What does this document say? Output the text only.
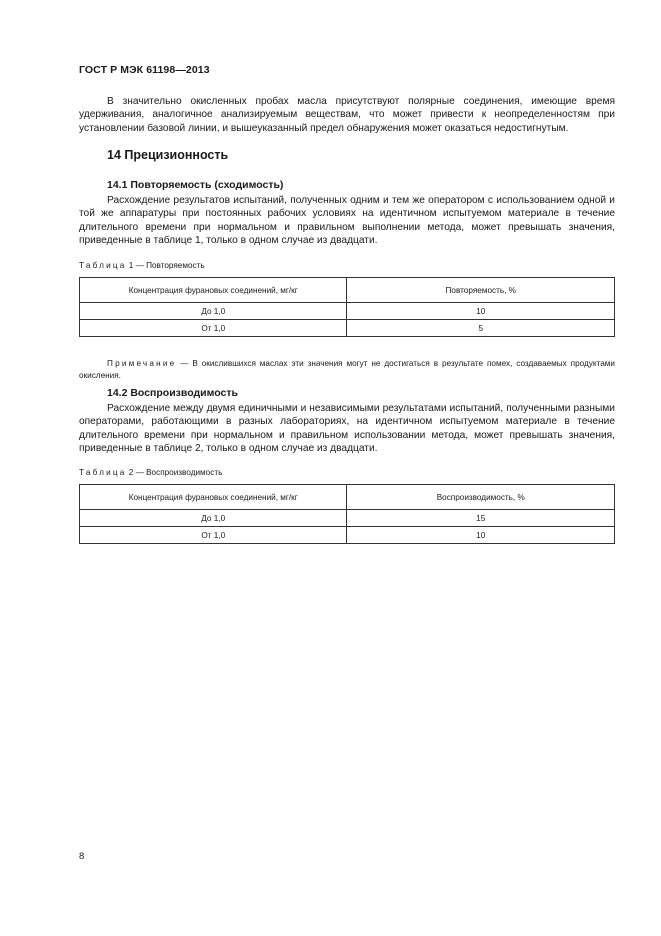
ГОСТ Р МЭК 61198—2013

В значительно окисленных пробах масла присутствуют полярные соединения, имеющие время удерживания, аналогичное анализируемым веществам, что может привести к неопределенностям при установлении базовой линии, и вышеуказанный предел обнаружения может оказаться недостигнутым.

14 Прецизионность
14.1 Повторяемость (сходимость)

Расхождение результатов испытаний, полученных одним и тем же оператором с использованием одной и той же аппаратуры при постоянных рабочих условиях на идентичном испытуемом материале в течение длительного времени при нормальном и правильном выполнении метода, может превышать значения, приведенные в таблице 1, только в одном случае из двадцати.

Таблица 1 — Повторяемость

Концентрация фурановых соединений, мг/кг	Повторяемость, %
До 1,0	10
От 1,0	5

Примечание — В окислившихся маслах эти значения могут не достигаться в результате помех, создаваемых продуктами окисления.

14.2 Воспроизводимость

Расхождение между двумя единичными и независимыми результатами испытаний, полученными разными операторами, работающими в разных лабораториях, на идентичном испытуемом материале в течение длительного времени при нормальном и правильном использовании метода, может превышать значения, приведенные в таблице 2, только в одном случае из двадцати.

Таблица 2 — Воспроизводимость

Концентрация фурановых соединений, мг/кг	Воспроизводимость, %
До 1,0	15
От 1,0	10
8
